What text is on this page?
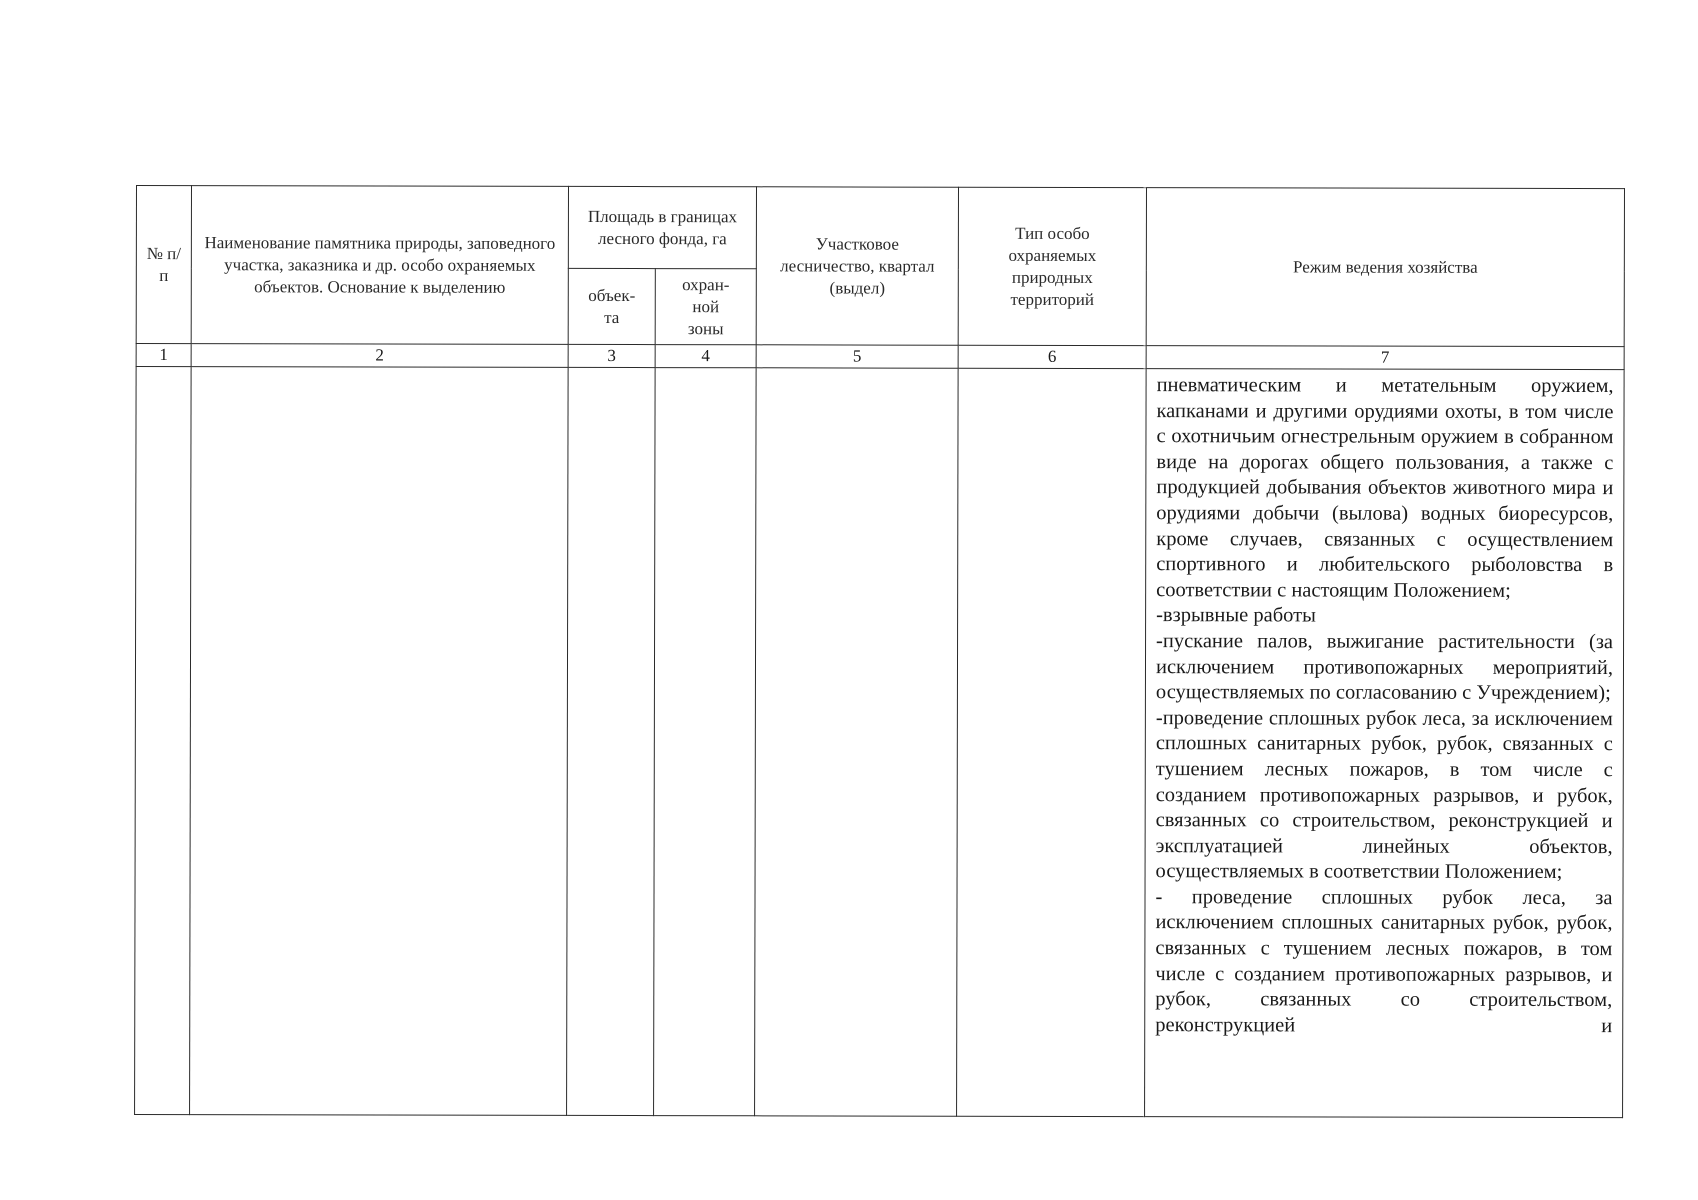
№ п/п	Наименование памятника природы, заповедного участка, заказника и др. особо охраняемых объектов. Основание к выделению	Площадь в границах лесного фонда, га		Участковое лесничество, квартал (выдел)	Тип особо охраняемых природных территорий	Режим ведения хозяйства
		объек-та	охран-ной зоны			
1	2	3	4	5	6	7

						пневматическим и метательным оружием, капканами и другими орудиями охоты, в том числе с охотничьим огнестрельным оружием в собранном виде на дорогах общего пользования, а также с продукцией добывания объектов животного мира и орудиями добычи (вылова) водных биоресурсов, кроме случаев, связанных с осуществлением спортивного и любительского рыболовства в соответствии с настоящим Положением;

-взрывные работы

-пускание палов, выжигание растительности (за исключением противопожарных мероприятий, осуществляемых по согласованию с Учреждением);

-проведение сплошных рубок леса, за исключением сплошных санитарных рубок, рубок, связанных с тушением лесных пожаров, в том числе с созданием противопожарных разрывов, и рубок, связанных со строительством, реконструкцией и эксплуатацией линейных объектов, осуществляемых в соответствии Положением;

- проведение сплошных рубок леса, за исключением сплошных санитарных рубок, рубок, связанных с тушением лесных пожаров, в том числе с созданием противопожарных разрывов, и рубок, связанных со строительством, реконструкцией и
